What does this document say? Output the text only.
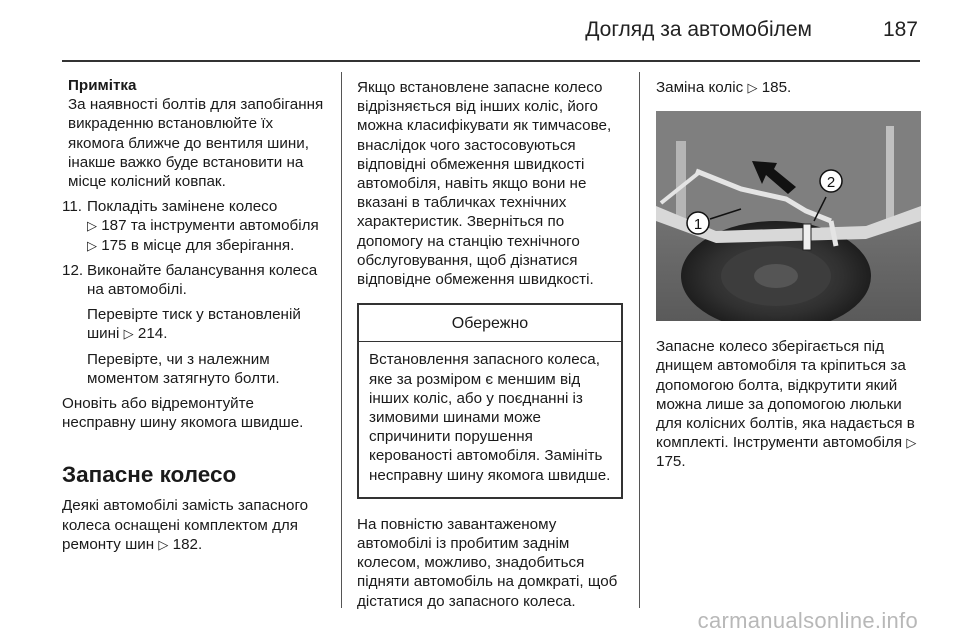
Догляд за автомобілем	187
Примітка
За наявності болтів для запобігання викраденню встановлюйте їх якомога ближче до вентиля шини, інакше важко буде встановити на місце колісний ковпак.
11. Покладіть замінене колесо
▷ 187 та інструменти автомобіля ▷ 175 в місце для зберігання.

12. Виконайте балансування колеса на автомобілі.

Перевірте тиск у встановленій шині ▷ 214.

Перевірте, чи з належним моментом затягнуто болти.

Оновіть або відремонтуйте несправну шину якомога швидше.

Запасне колесо

Деякі автомобілі замість запасного колеса оснащені комплектом для ремонту шин ▷ 182.

Якщо встановлене запасне колесо відрізняється від інших коліс, його можна класифікувати як тимчасове, внаслідок чого застосовуються відповідні обмеження швидкості автомобіля, навіть якщо вони не вказані в табличках технічних характеристик. Зверніться по допомогу на станцію технічного обслуговування, щоб дізнатися відповідне обмеження швидкості.

Обережно
Встановлення запасного колеса, яке за розміром є меншим від інших коліс, або у поєднанні із зимовими шинами може спричинити порушення керованості автомобіля. Замініть несправну шину якомога швидше.

На повністю завантаженому автомобілі із пробитим заднім колесом, можливо, знадобиться підняти автомобіль на домкраті, щоб дістатися до запасного колеса.

Заміна коліс ▷ 185.

2
1

Запасне колесо зберігається під днищем автомобіля та кріпиться за допомогою болта, відкрутити який можна лише за допомогою люльки для колісних болтів, яка надається в комплекті. Інструменти автомобіля ▷ 175.

carmanualsonline.info
